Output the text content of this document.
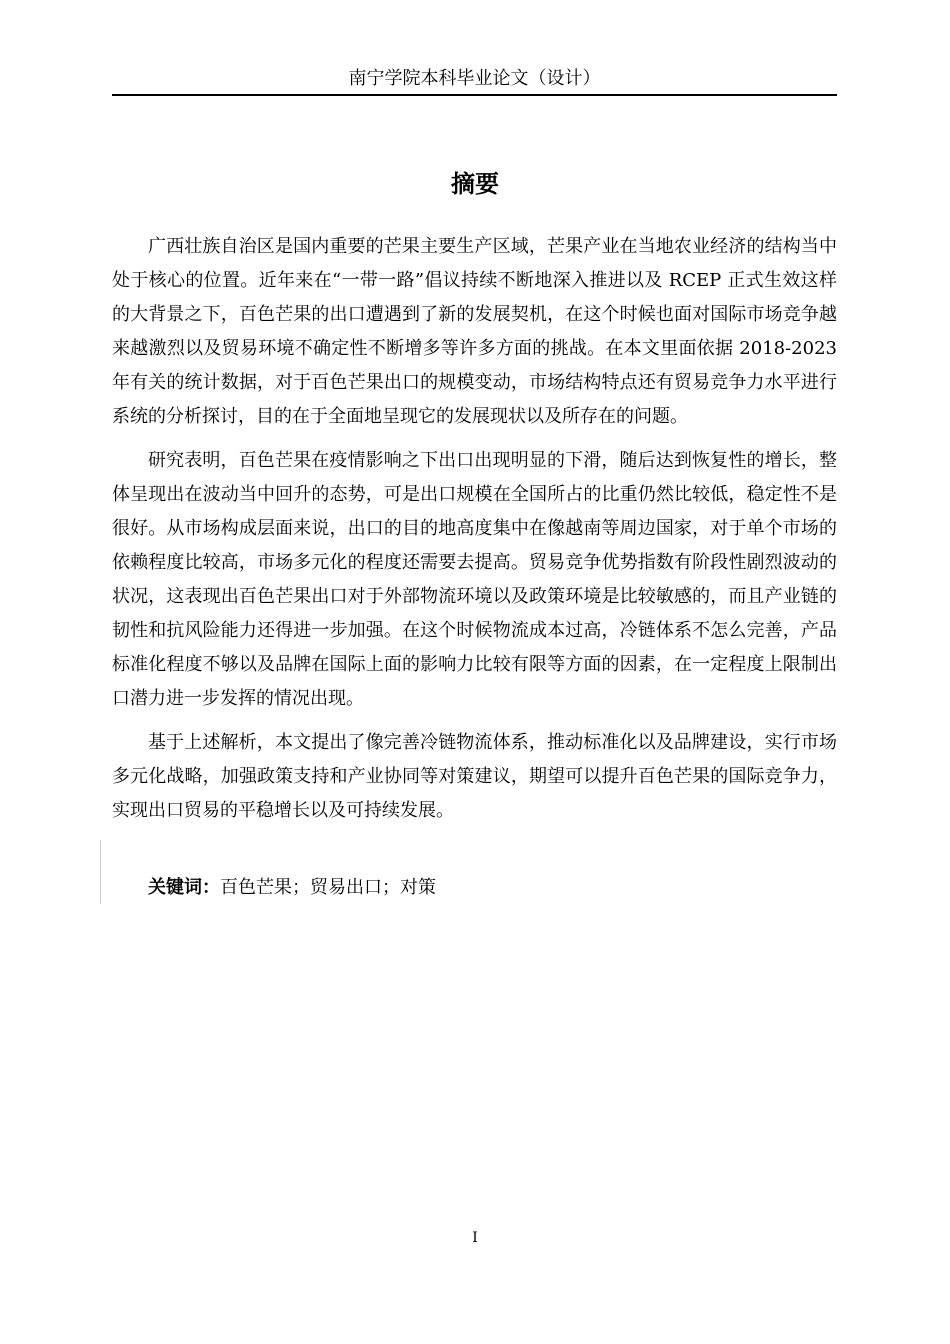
南宁学院本科毕业论文（设计）
摘要

广西壮族自治区是国内重要的芒果主要生产区域，芒果产业在当地农业经济的结构当中处于核心的位置。近年来在“一带一路”倡议持续不断地深入推进以及 RCEP 正式生效这样的大背景之下，百色芒果的出口遭遇到了新的发展契机，在这个时候也面对国际市场竞争越来越激烈以及贸易环境不确定性不断增多等许多方面的挑战。在本文里面依据 2018-2023 年有关的统计数据，对于百色芒果出口的规模变动，市场结构特点还有贸易竞争力水平进行系统的分析探讨，目的在于全面地呈现它的发展现状以及所存在的问题。

研究表明，百色芒果在疫情影响之下出口出现明显的下滑，随后达到恢复性的增长，整体呈现出在波动当中回升的态势，可是出口规模在全国所占的比重仍然比较低，稳定性不是很好。从市场构成层面来说，出口的目的地高度集中在像越南等周边国家，对于单个市场的依赖程度比较高，市场多元化的程度还需要去提高。贸易竞争优势指数有阶段性剧烈波动的状况，这表现出百色芒果出口对于外部物流环境以及政策环境是比较敏感的，而且产业链的韧性和抗风险能力还得进一步加强。在这个时候物流成本过高，冷链体系不怎么完善，产品标准化程度不够以及品牌在国际上面的影响力比较有限等方面的因素，在一定程度上限制出口潜力进一步发挥的情况出现。

基于上述解析，本文提出了像完善冷链物流体系，推动标准化以及品牌建设，实行市场多元化战略，加强政策支持和产业协同等对策建议，期望可以提升百色芒果的国际竞争力，实现出口贸易的平稳增长以及可持续发展。

关键词：百色芒果；贸易出口；对策
I
